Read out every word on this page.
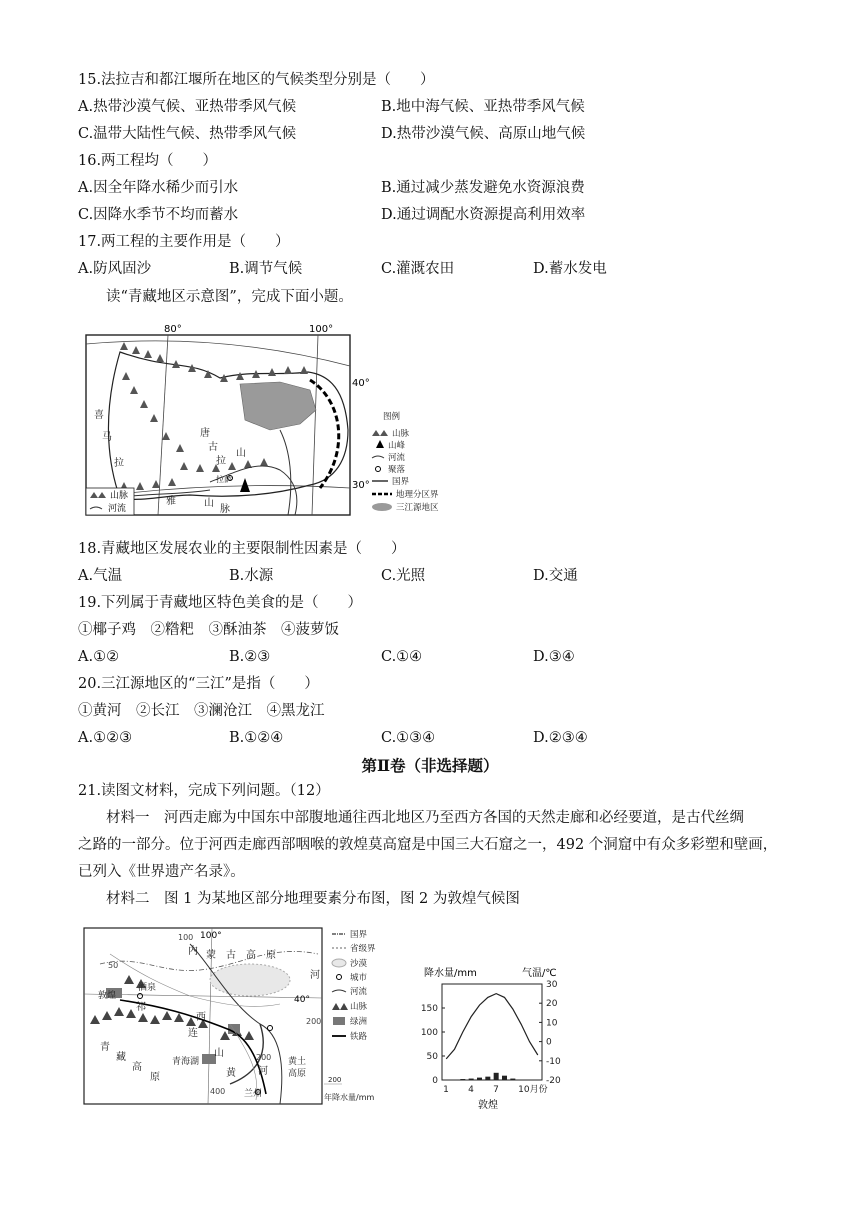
15.法拉吉和都江堰所在地区的气候类型分别是（　　）
A.热带沙漠气候、亚热带季风气候	B.地中海气候、亚热带季风气候
C.温带大陆性气候、热带季风气候	D.热带沙漠气候、高原山地气候
16.两工程均（　　）
A.因全年降水稀少而引水	B.通过减少蒸发避免水资源浪费
C.因降水季节不均而蓄水	D.通过调配水资源提高利用效率
17.两工程的主要作用是（　　）
A.防风固沙	B.调节气候	C.灌溉农田	D.蓄水发电
读“青藏地区示意图”，完成下面小题。
80°	100°
40°
30°
喜
马
拉
唐
古
拉
山
雅	山
脉
拉萨
山脉
河流
图例
山脉
山峰
河流
聚落
国界
地理分区界
三江源地区
18.青藏地区发展农业的主要限制性因素是（　　）
A.气温	B.水源	C.光照	D.交通
19.下列属于青藏地区特色美食的是（　　）
①椰子鸡　②糌粑　③酥油茶　④菠萝饭
A.①②	B.②③	C.①④	D.③④
20.三江源地区的“三江”是指（　　）
①黄河　②长江　③澜沧江　④黑龙江
A.①②③	B.①②④	C.①③④	D.②③④
第Ⅱ卷（非选择题）
21.读图文材料，完成下列问题。（12）
材料一　河西走廊为中国东中部腹地通往西北地区乃至西方各国的天然走廊和必经要道，是古代丝绸
之路的一部分。位于河西走廊西部咽喉的敦煌莫高窟是中国三大石窟之一，492 个洞窟中有众多彩塑和壁画，
已列入《世界遗产名录》。
材料二　图 1 为某地区部分地理要素分布图，图 2 为敦煌气候图
100°
40°
内 蒙 古 高 原
河
敦煌
酒泉
祁
连
西
山
青
藏
高
原
青海湖
黄 河
兰州
黄土
高原
50
100
200
200
400
国界
省级界
沙漠
城市
河流
山脉
绿洲
铁路
200
年降水量/mm
降水量/mm	气温/℃
0
50
100
150
-20
-10
0
10
20
30
1 4 7 10月份
敦煌
